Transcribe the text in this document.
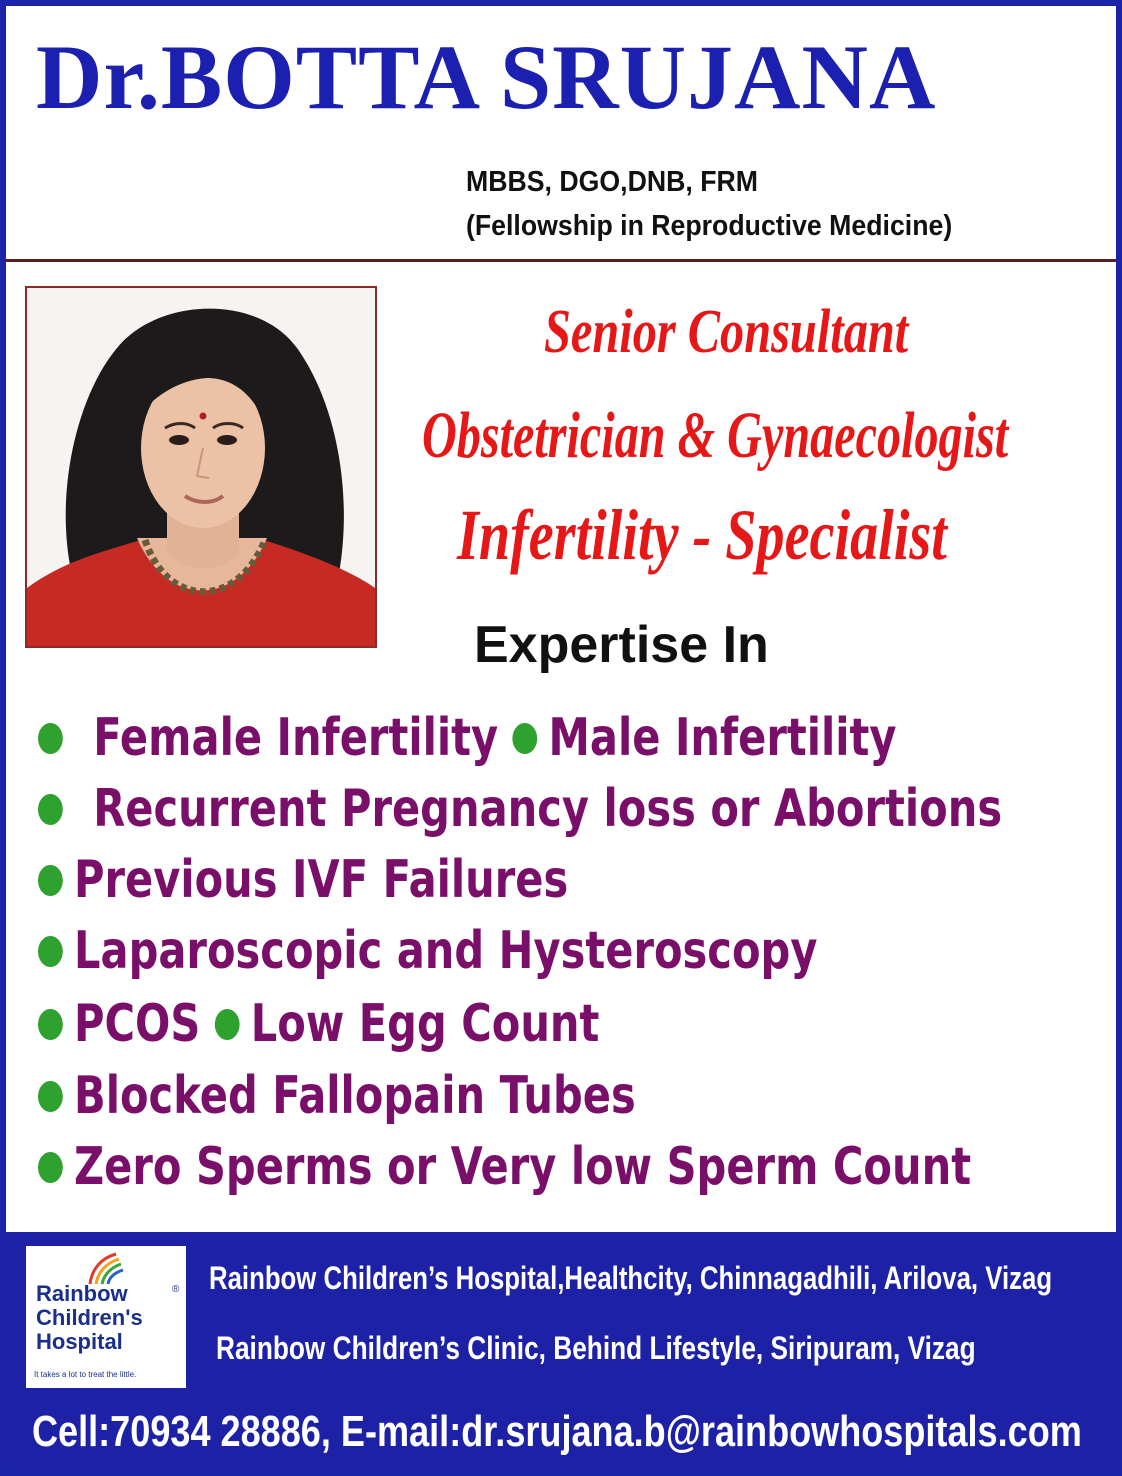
Dr.BOTTA SRUJANA
MBBS, DGO,DNB, FRM
(Fellowship in Reproductive Medicine)
Senior Consultant
Obstetrician & Gynaecologist
Infertility - Specialist
Expertise In
Female Infertility Male Infertility
Recurrent Pregnancy loss or Abortions
Previous IVF Failures
Laparoscopic and Hysteroscopy
PCOS Low Egg Count
Blocked Fallopain Tubes
Zero Sperms or Very low Sperm Count
Rainbow
Children's
Hospital
®
It takes a lot to treat the little.
Rainbow Children’s Hospital,Healthcity, Chinnagadhili, Arilova, Vizag
Rainbow Children’s Clinic, Behind Lifestyle, Siripuram, Vizag
Cell:70934 28886, E-mail:dr.srujana.b@rainbowhospitals.com
